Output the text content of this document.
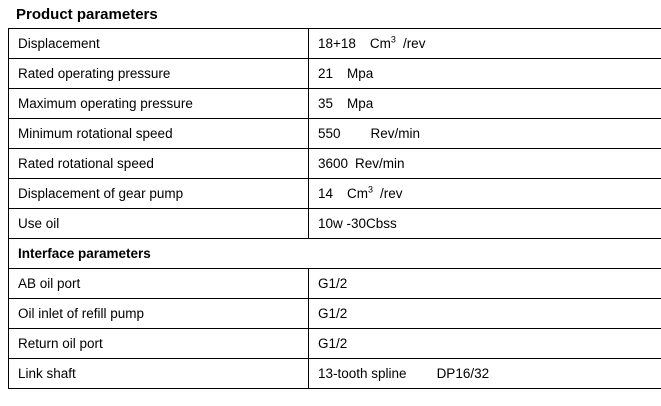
Product parameters
Displacement	18+18 Cm$^3$ /rev
Rated operating pressure	21 Mpa
Maximum operating pressure	35 Mpa
Minimum rotational speed	550 Rev/min
Rated rotational speed	3600 Rev/min
Displacement of gear pump	14 Cm$^3$ /rev
Use oil	10w -30Cbss
Interface parameters	
AB oil port	G1/2
Oil inlet of refill pump	G1/2
Return oil port	G1/2
Link shaft	13-tooth spline DP16/32
